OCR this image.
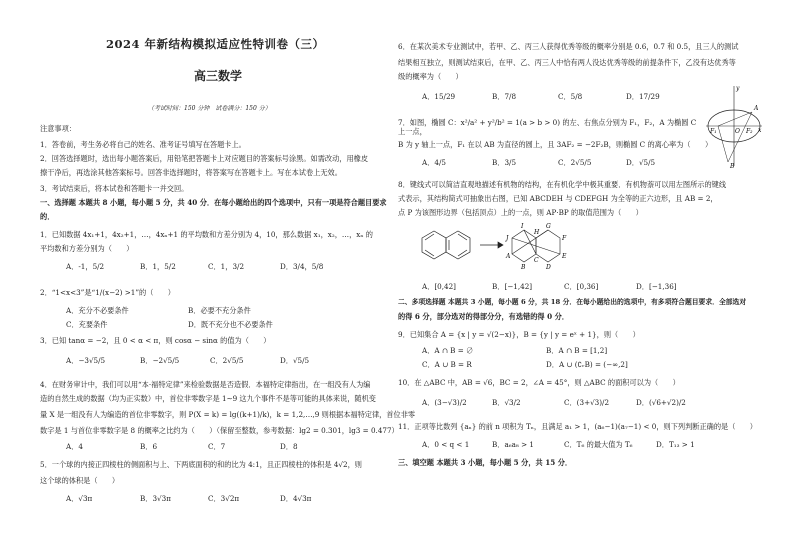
2024 年新结构模拟适应性特训卷（三）
高三数学
（考试时间：150 分钟　试卷满分：150 分）
注意事项：
1．答卷前，考生务必将自己的姓名、准考证号填写在答题卡上。
2．回答选择题时，选出每小题答案后，用铅笔把答题卡上对应题目的答案标号涂黑。如需改动，用橡皮
擦干净后，再选涂其他答案标号。回答非选择题时，将答案写在答题卡上。写在本试卷上无效。
3．考试结束后，将本试卷和答题卡一并交回。
一、选择题 本题共 8 小题，每小题 5 分，共 40 分．在每小题给出的四个选项中，只有一项是符合题目要求
的．
1．已知数据 4x₁+1，4x₂+1，…，4xₙ+1 的平均数和方差分别为 4，10，那么数据 x₁，x₂，…，xₙ 的
平均数和方差分别为（　　）
A．-1，5/2	B．1，5/2	C．1，3/2	D．3/4，5/8
2．“1<x<3”是“1/(x−2) >1”的（　　）
A．充分不必要条件	B．必要不充分条件
C．充要条件	D．既不充分也不必要条件
3．已知 tanα = −2，且 0 < α < π，则 cosα − sinα 的值为（　　）
A．−3√5/5	B．−2√5/5	C．2√5/5	D．√5/5
4．在财务审计中，我们可以用“本·福特定律”来检验数据是否造假．本福特定律指出，在一组没有人为编
造的自然生成的数据（均为正实数）中，首位非零数字是 1∼9 这九个事件不是等可能的具体来说，随机变
量 X 是一组没有人为编造的首位非零数字，则 P(X = k) = lg((k+1)/k)，k = 1,2,…,9 则根据本福特定律，首位非零
数字是 1 与首位非零数字是 8 的概率之比约为（　　）（保留至整数，参考数据：lg2 = 0.301，lg3 = 0.477）
A．4	B．6	C．7	D．8
5．一个球的内接正四棱柱的侧面积与上、下两底面积的和的比为 4:1，且正四棱柱的体积是 4√2，则
这个球的体积是（　　）
A．√3π	B．3√3π	C．3√2π	D．4√3π
6．在某次美术专业测试中，若甲、乙、丙三人获得优秀等级的概率分别是 0.6，0.7 和 0.5，且三人的测试
结果相互独立，则测试结束后，在甲、乙、丙三人中恰有两人没达优秀等级的前提条件下，乙没有达优秀等
级的概率为（　　）
A．15/29	B．7/8	C．5/8	D．17/29
7．如图，椭圆 C：x²/a² + y²/b² = 1(a > b > 0) 的左、右焦点分别为 F₁，F₂，A 为椭圆 C 上一点，
B 为 y 轴上一点，F₁ 在以 AB 为直径的圆上，且 3AF₂ = −2F₂B，则椭圆 C 的离心率为（　　）
A．4/5	B．3/5	C．2√5/5	D．√5/5
y
x
A
B
O
F₁	F₂
8．键线式可以简洁直观地描述有机物的结构，在有机化学中极其重要．有机物萘可以用左图所示的键线
式表示，其结构简式可抽象出右图，已知 ABCDEH 与 CDEFGH 为全等的正六边形，且 AB = 2，
点 P 为该图形边界（包括顶点）上的一点，则 AP·BP 的取值范围为（　　）
J
A
B
C
D
E
F
G
H
I
A．[0,42]	B．[−1,42]	C．[0,36]	D．[−1,36]
二、多项选择题 本题共 3 小题，每小题 6 分，共 18 分．在每小题给出的选项中，有多项符合题目要求．全部选对
的得 6 分，部分选对的得部分分，有选错的得 0 分．
9．已知集合 A = {x | y = √(2−x)}，B = {y | y = eˣ + 1}，则（　　）
A．A ∩ B = ∅	B．A ∩ B = [1,2]
C．A ∪ B = R	D．A ∪ (∁ᵣB) = (−∞,2]
10．在 △ABC 中，AB = √6，BC = 2，∠A = 45°，则 △ABC 的面积可以为（　　）
A．(3−√3)/2	B．√3/2	C．(3+√3)/2	D．(√6+√2)/2
11．正项等比数列 {aₙ} 的前 n 项积为 Tₙ，且满足 a₁ > 1，(a₆−1)(a₇−1) < 0，则下列判断正确的是（　　）
A．0 < q < 1	B．a₆a₈ > 1	C．T₆ 的最大值为 T₆	D．T₁₃ > 1
三、填空题 本题共 3 小题，每小题 5 分，共 15 分．
